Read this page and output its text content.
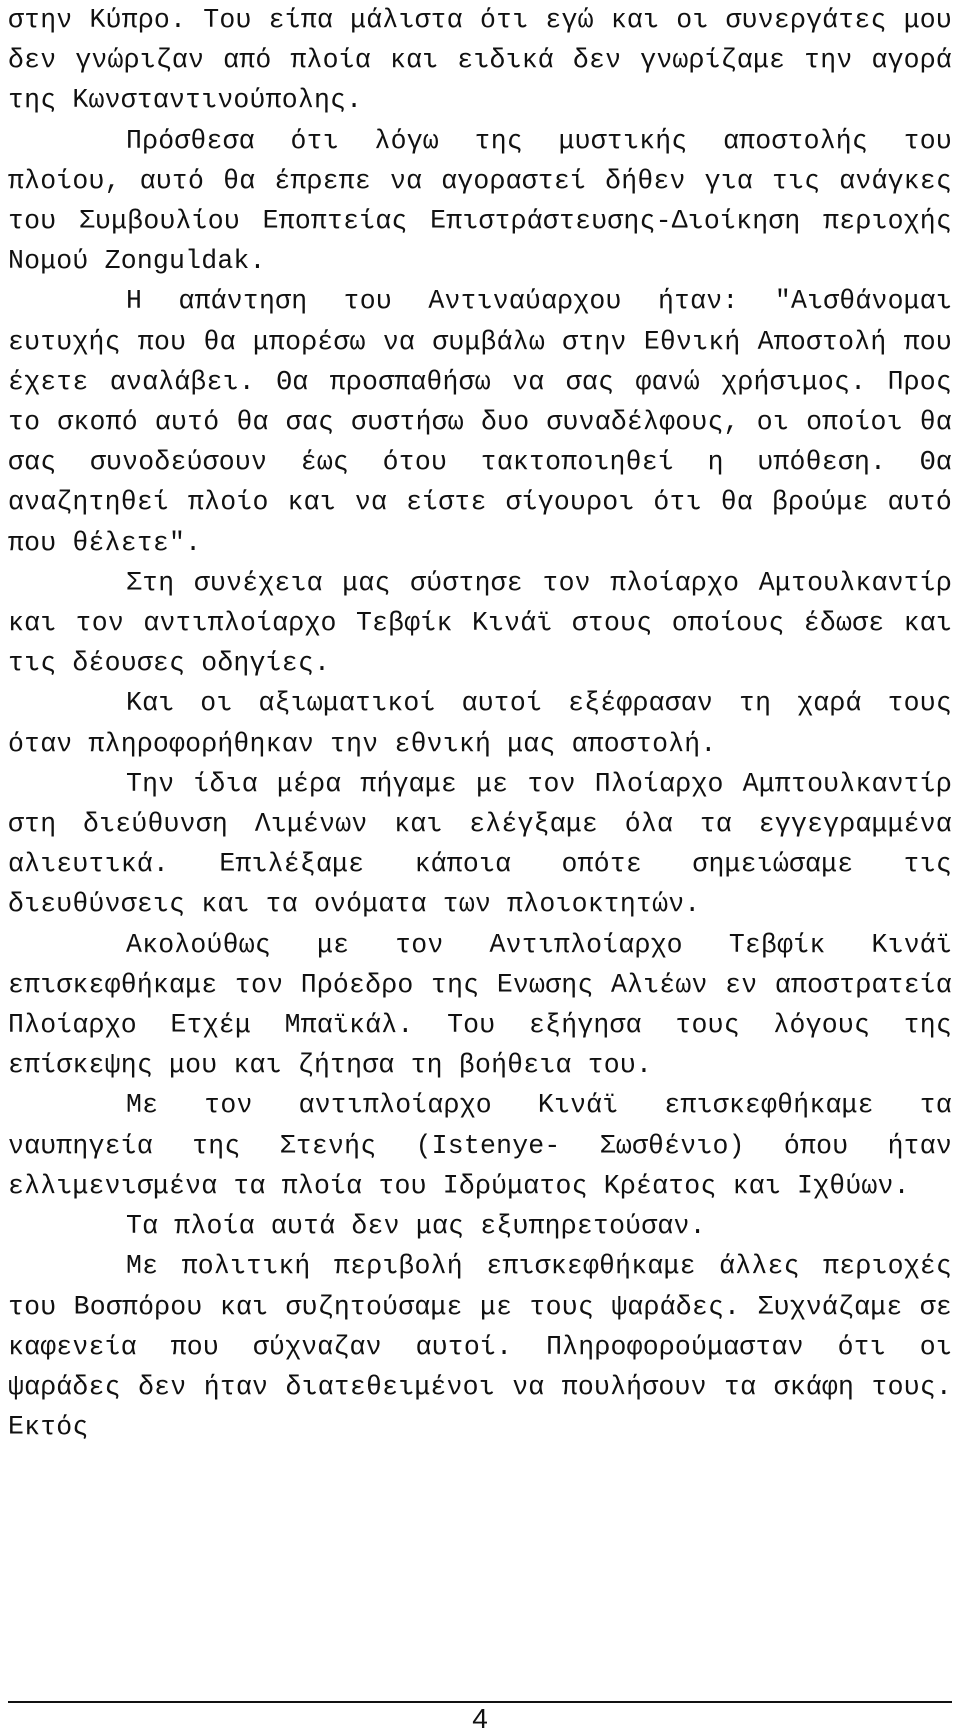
στην Κύπρο. Του είπα μάλιστα ότι εγώ και οι συνεργάτες μου δεν γνώριζαν από πλοία και ειδικά δεν γνωρίζαμε την αγορά της Κωνσταντινούπολης.

Πρόσθεσα ότι λόγω της μυστικής αποστολής του πλοίου, αυτό θα έπρεπε να αγοραστεί δήθεν για τις ανάγκες του Συμβουλίου Εποπτείας Επιστράστευσης-Διοίκηση περιοχής Νομού Zonguldak.

Η απάντηση του Αντιναύαρχου ήταν: "Αισθάνομαι ευτυχής που θα μπορέσω να συμβάλω στην Εθνική Αποστολή που έχετε αναλάβει. Θα προσπαθήσω να σας φανώ χρήσιμος. Προς το σκοπό αυτό θα σας συστήσω δυο συναδέλφους, οι οποίοι θα σας συνοδεύσουν έως ότου τακτοποιηθεί η υπόθεση. Θα αναζητηθεί πλοίο και να είστε σίγουροι ότι θα βρούμε αυτό που θέλετε".

Στη συνέχεια μας σύστησε τον πλοίαρχο Αμτουλκαντίρ και τον αντιπλοίαρχο Τεβφίκ Κινάϊ στους οποίους έδωσε και τις δέουσες οδηγίες.

Και οι αξιωματικοί αυτοί εξέφρασαν τη χαρά τους όταν πληροφορήθηκαν την εθνική μας αποστολή.

Την ίδια μέρα πήγαμε με τον Πλοίαρχο Αμπτουλκαντίρ στη διεύθυνση Λιμένων και ελέγξαμε όλα τα εγγεγραμμένα αλιευτικά. Επιλέξαμε κάποια οπότε σημειώσαμε τις διευθύνσεις και τα ονόματα των πλοιοκτητών.

Ακολούθως με τον Αντιπλοίαρχο Τεβφίκ Κινάϊ επισκεφθήκαμε τον Πρόεδρο της Ενωσης Αλιέων εν αποστρατεία Πλοίαρχο Ετχέμ Μπαϊκάλ. Του εξήγησα τους λόγους της επίσκεψης μου και ζήτησα τη βοήθεια του.

Με τον αντιπλοίαρχο Κινάϊ επισκεφθήκαμε τα ναυπηγεία της Στενής (Istenye- Σωσθένιο) όπου ήταν ελλιμενισμένα τα πλοία του Ιδρύματος Κρέατος και Ιχθύων.

Τα πλοία αυτά δεν μας εξυπηρετούσαν.

Με πολιτική περιβολή επισκεφθήκαμε άλλες περιοχές του Βοσπόρου και συζητούσαμε με τους ψαράδες. Συχνάζαμε σε καφενεία που σύχναζαν αυτοί. Πληροφορούμασταν ότι οι ψαράδες δεν ήταν διατεθειμένοι να πουλήσουν τα σκάφη τους. Εκτός

4
